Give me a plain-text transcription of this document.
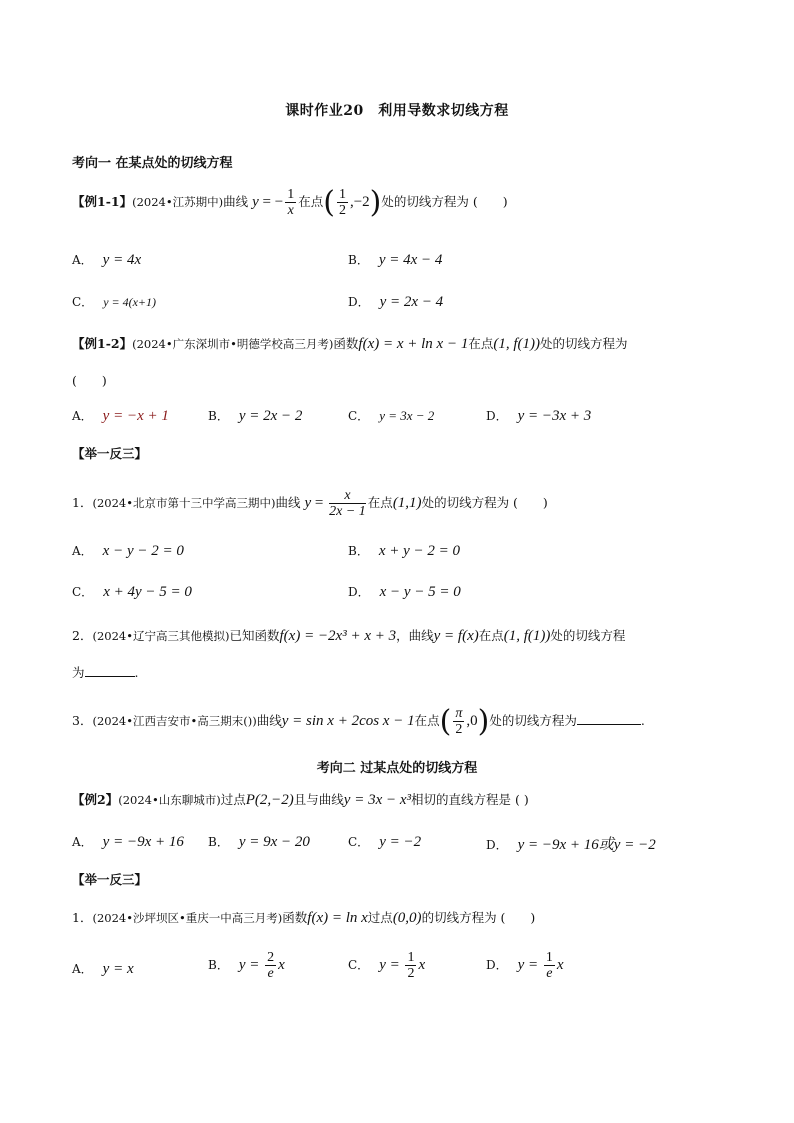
课时作业20　利用导数求切线方程
考向一 在某点处的切线方程
【例1-1】(2024•江苏期中)曲线 y = − $\frac{1}{x}$ 在点( $\frac{1}{2} ,-2$)处的切线方程为 (　　)
A． y = 4x	B． y = 4x − 4
C． y = 4(x+1)	D． y = 2x − 4
【例1-2】(2024•广东深圳市•明德学校高三月考)函数f(x) = x + ln x − 1在点(1, f(1))处的切线方程为
(　　)
A． y = −x + 1	B． y = 2x − 2	C． y = 3x − 2	D． y = −3x + 3
【举一反三】
1．(2024•北京市第十三中学高三期中)曲线 $y = \frac{x}{2x - 1}$ 在点(1,1)处的切线方程为 (　　)
A． x − y − 2 = 0	B． x + y − 2 = 0
C． x + 4y − 5 = 0	D． x − y − 5 = 0
2．(2024•辽宁高三其他模拟)已知函数f(x) = −2x³ + x + 3，曲线y = f(x)在点(1, f(1))处的切线方程
为	.
3．(2024•江西吉安市•高三期末())曲线y = sin x + 2cos x − 1在点( $\frac{\pi}{2} ,0$)处的切线方程为	.
考向二 过某点处的切线方程
【例2】(2024•山东聊城市)过点P(2,−2)且与曲线y = 3x − x³相切的直线方程是 ( )
A． y = −9x + 16 B． y = 9x − 20	C． y = −2	D． y = −9x + 16或y = −2
【举一反三】
1．(2024•沙坪坝区•重庆一中高三月考)函数f(x) = ln x过点(0,0)的切线方程为 (　　)
A． y = x	B． $y = \frac{2}{e}$ x	C． $y = \frac{1}{2}$ x	D． $y = \frac{1}{e}$ x
